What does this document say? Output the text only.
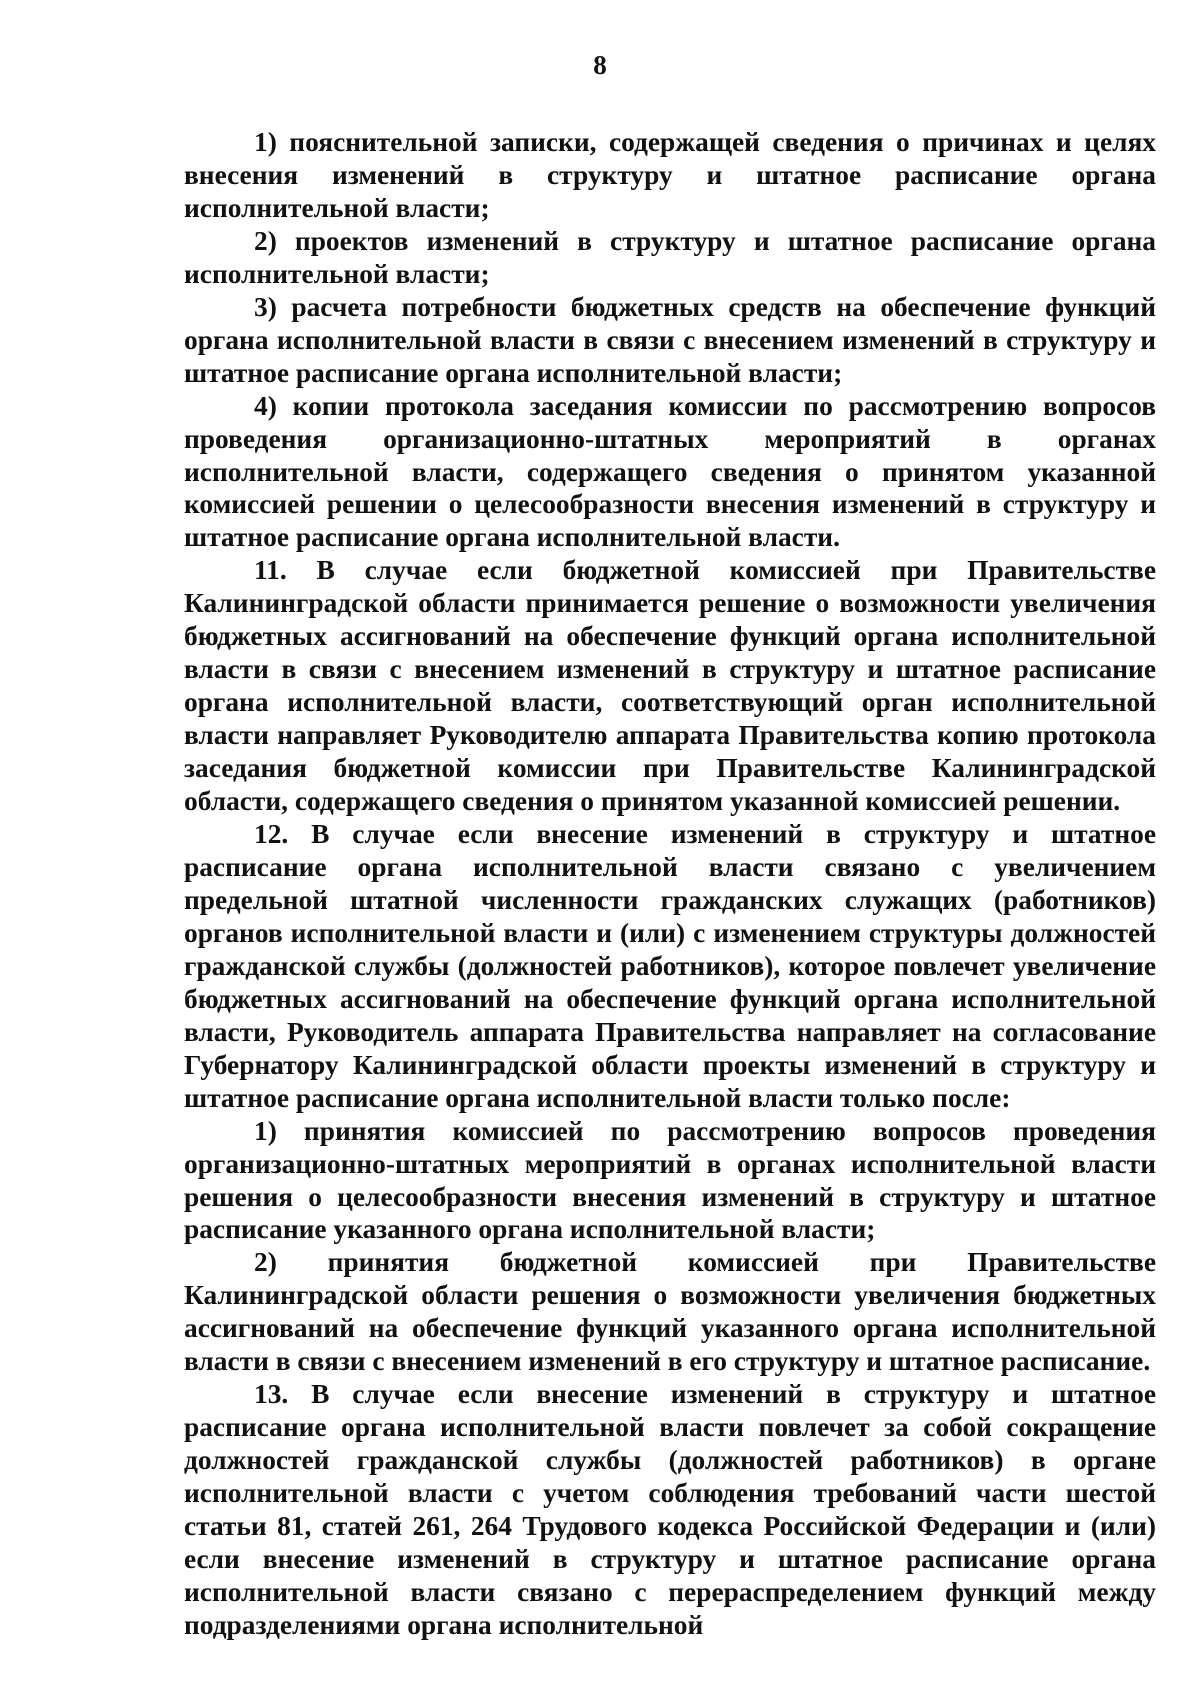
8

1) пояснительной записки, содержащей сведения о причинах и целях внесения изменений в структуру и штатное расписание органа исполнительной власти;

2) проектов изменений в структуру и штатное расписание органа исполнительной власти;

3) расчета потребности бюджетных средств на обеспечение функций органа исполнительной власти в связи с внесением изменений в структуру и штатное расписание органа исполнительной власти;

4) копии протокола заседания комиссии по рассмотрению вопросов проведения организационно-штатных мероприятий в органах исполнительной власти, содержащего сведения о принятом указанной комиссией решении о целесообразности внесения изменений в структуру и штатное расписание органа исполнительной власти.

11. В случае если бюджетной комиссией при Правительстве Калининградской области принимается решение о возможности увеличения бюджетных ассигнований на обеспечение функций органа исполнительной власти в связи с внесением изменений в структуру и штатное расписание органа исполнительной власти, соответствующий орган исполнительной власти направляет Руководителю аппарата Правительства копию протокола заседания бюджетной комиссии при Правительстве Калининградской области, содержащего сведения о принятом указанной комиссией решении.

12. В случае если внесение изменений в структуру и штатное расписание органа исполнительной власти связано с увеличением предельной штатной численности гражданских служащих (работников) органов исполнительной власти и (или) с изменением структуры должностей гражданской службы (должностей работников), которое повлечет увеличение бюджетных ассигнований на обеспечение функций органа исполнительной власти, Руководитель аппарата Правительства направляет на согласование Губернатору Калининградской области проекты изменений в структуру и штатное расписание органа исполнительной власти только после:

1) принятия комиссией по рассмотрению вопросов проведения организационно-штатных мероприятий в органах исполнительной власти решения о целесообразности внесения изменений в структуру и штатное расписание указанного органа исполнительной власти;

2) принятия бюджетной комиссией при Правительстве Калининградской области решения о возможности увеличения бюджетных ассигнований на обеспечение функций указанного органа исполнительной власти в связи с внесением изменений в его структуру и штатное расписание.

13. В случае если внесение изменений в структуру и штатное расписание органа исполнительной власти повлечет за собой сокращение должностей гражданской службы (должностей работников) в органе исполнительной власти с учетом соблюдения требований части шестой статьи 81, статей 261, 264 Трудового кодекса Российской Федерации и (или) если внесение изменений в структуру и штатное расписание органа исполнительной власти связано с перераспределением функций между подразделениями органа исполнительной
